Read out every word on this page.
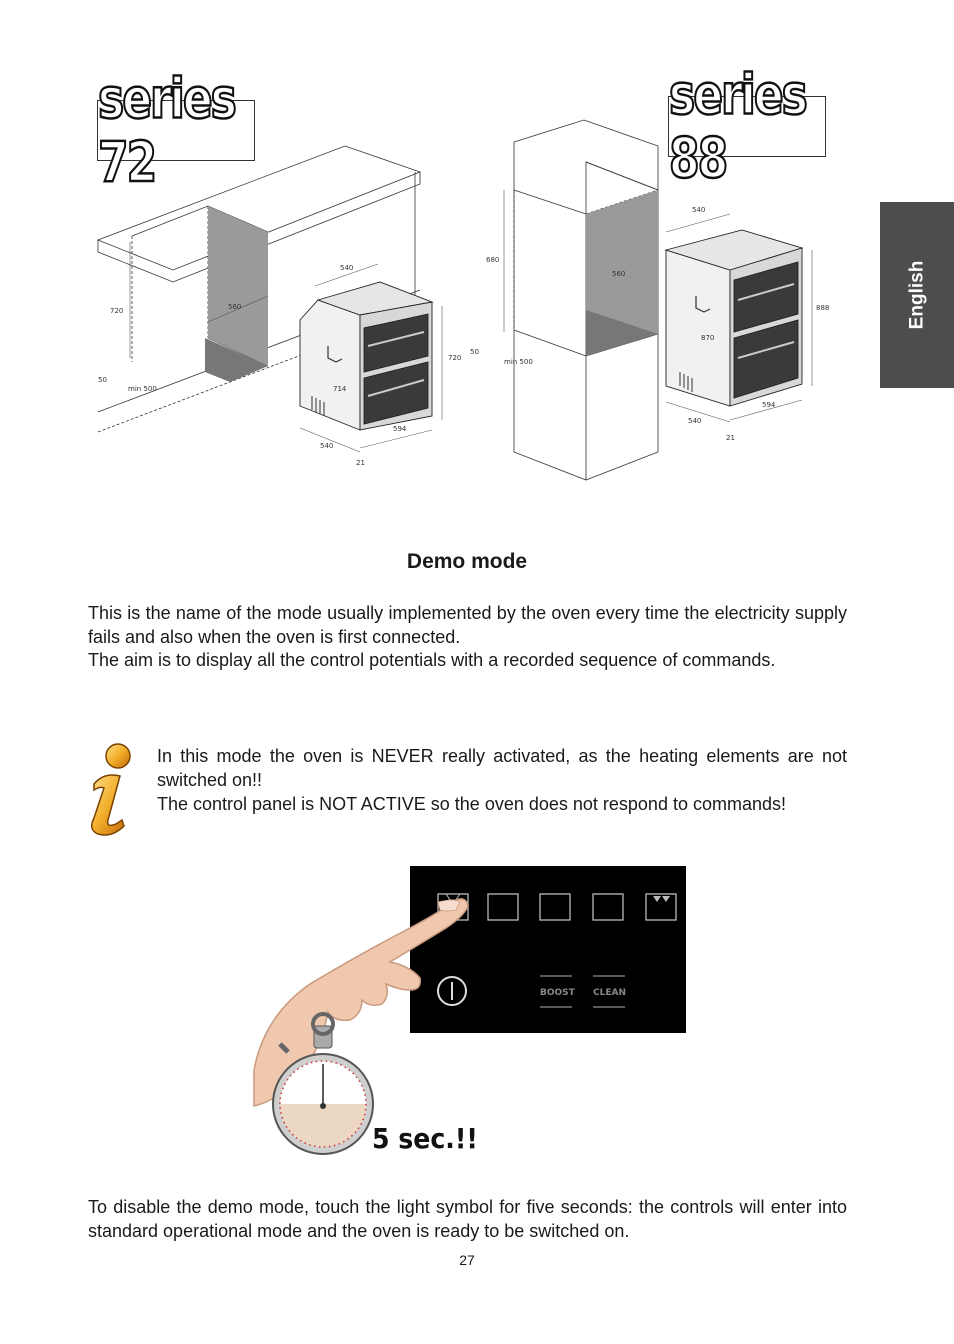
series 72
series 88
English
720	560
540
720
714
594
540
21
50
min 500
680
560
50
min 500
540
888
870
594
540
21
Demo mode

This is the name of the mode usually implemented by the oven every time the electricity supply fails and also when the oven is first connected.

The aim is to display all the control potentials with a recorded sequence of commands.

In this mode the oven is NEVER really activated, as the heating elements are not switched on!!

The control panel is NOT ACTIVE so the oven does not respond to commands!

BOOST CLEAN
5 sec.!!

To disable the demo mode, touch the light symbol for five seconds: the controls will enter into standard operational mode and the oven is ready to be switched on.

27
